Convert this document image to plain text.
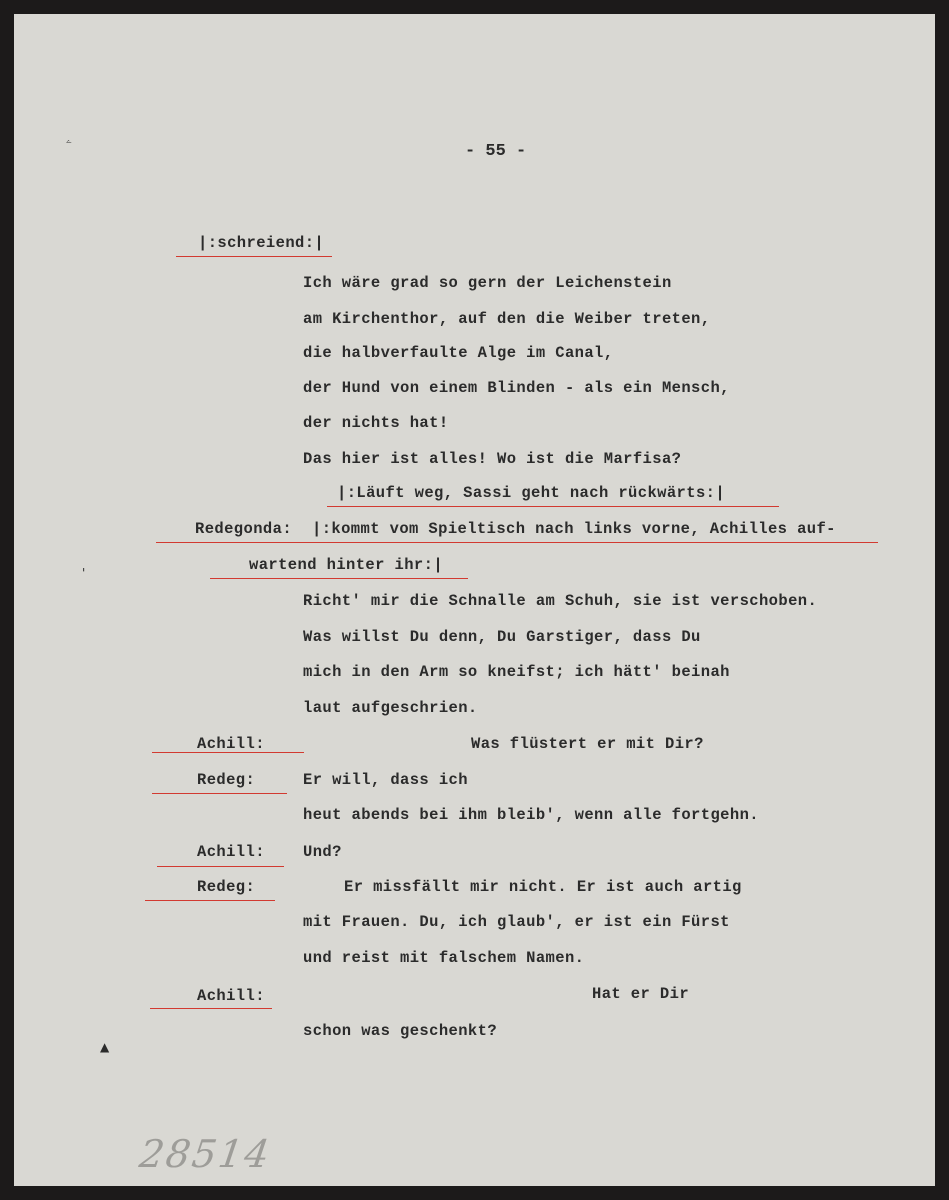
ۦ
'
▲
- 55 -
|:schreiend:|
Ich wäre grad so gern der Leichenstein
am Kirchenthor, auf den die Weiber treten,
die halbverfaulte Alge im Canal,
der Hund von einem Blinden - als ein Mensch,
der nichts hat!
Das hier ist alles! Wo ist die Marfisa?
|:Läuft weg, Sassi geht nach rückwärts:|
Redegonda: |:kommt vom Spieltisch nach links vorne, Achilles auf-
wartend hinter ihr:|
Richt' mir die Schnalle am Schuh, sie ist verschoben.
Was willst Du denn, Du Garstiger, dass Du
mich in den Arm so kneifst; ich hätt' beinah
laut aufgeschrien.
Achill:	Was flüstert er mit Dir?
Redeg:	Er will, dass ich
heut abends bei ihm bleib', wenn alle fortgehn.
Achill: Und?
Redeg:	Er missfällt mir nicht. Er ist auch artig
mit Frauen. Du, ich glaub', er ist ein Fürst
und reist mit falschem Namen.
Achill:	Hat er Dir
schon was geschenkt?
28514
